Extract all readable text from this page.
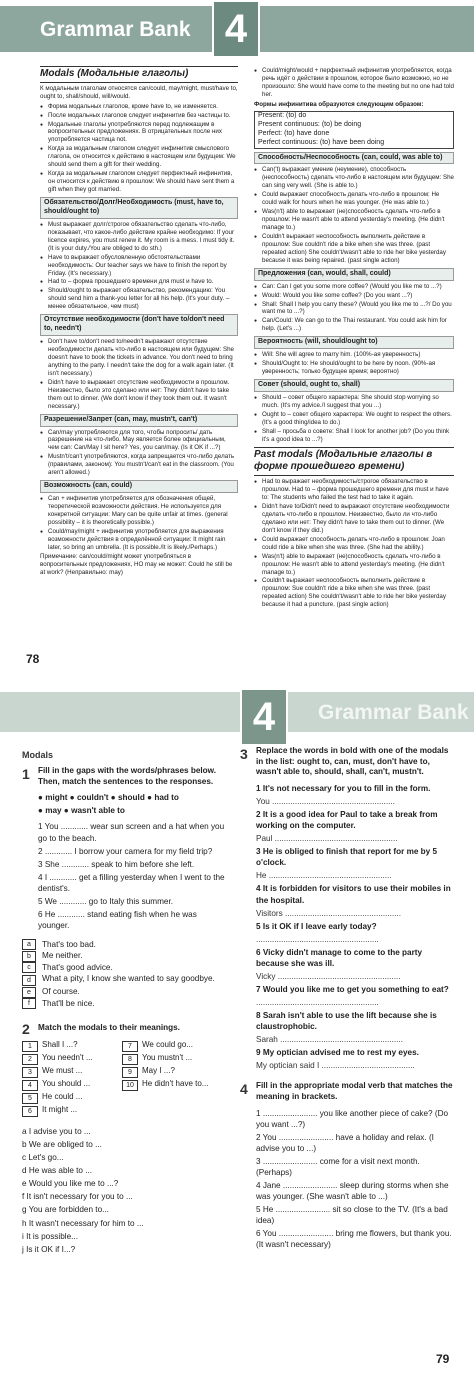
Grammar Bank 4
Modals (Модальные глаголы)
К модальным глаголам относятся can/could, may/might, must/have to, ought to, shall/should, will/would.
● Форма модальных глаголов, кроме have to, не изменяется.
● После модальных глаголов следует инфинитив без частицы to.
● Модальные глаголы употребляются перед подлежащим в вопросительных предложениях. В отрицательных после них употребляется частица not.
● Когда за модальным глаголом следует инфинитив смыслового глагола, он относится к действию в настоящем или будущем: We should send them a gift for their wedding.
● Когда за модальным глаголом следует перфектный инфинитив, он относится к действию в прошлом: We should have sent them a gift when they got married.
Обязательство/Долг/Необходимость (must, have to, should/ought to)
● Must выражает долг/строгое обязательство сделать что-либо, показывает, что какое-либо действие крайне необходимо: If your licence expires, you must renew it. My room is a mess. I must tidy it. (It is your duty./You are obliged to do sth.)
● Have to выражает обусловленную обстоятельствами необходимость: Our teacher says we have to finish the report by Friday. (It's necessary.)
● Had to – форма прошедшего времени для must и have to.
● Should/ought to выражает обязательство, рекомендацию: You should send him a thank-you letter for all his help. (It's your duty. – менее обязательное, чем must)
Отсутствие необходимости (don't have to/don't need to, needn't)
● Don't have to/don't need to/needn't выражают отсутствие необходимости делать что-либо в настоящем или будущем: She doesn't have to book the tickets in advance. You don't need to bring anything to the party. I needn't take the dog for a walk again later. (It isn't necessary.)
● Didn't have to выражает отсутствие необходимости в прошлом. Неизвестно, было это сделано или нет: They didn't have to take them out to dinner. (We don't know if they took them out. It wasn't necessary.)
Разрешение/Запрет (can, may, mustn't, can't)
● Can/may употребляются для того, чтобы попросить/ дать разрешение на что-либо. May является более официальным, чем can: Can/May I sit here? Yes, you can/may. (Is it OK if ...?)
● Mustn't/can't употребляются, когда запрещается что-либо делать (правилами, законом): You mustn't/can't eat in the classroom. (You aren't allowed.)
Возможность (can, could)
● Can + инфинитив употребляется для обозначения общей, теоретической возможности действия. Не используется для конкретной ситуации: Mary can be quite unfair at times. (general possibility – it is theoretically possible.)
● Could/may/might + инфинитив употребляется для выражения возможности действия в определённой ситуации: It might rain later, so bring an umbrella. (It is possible./It is likely./Perhaps.)
Примечание: can/could/might может употребляться в вопросительных предложениях, НО may не может: Could he still be at work? (Неправильно: may)
● Could/might/would + перфектный инфинитив употребляется, когда речь идёт о действии в прошлом, которое было возможно, но не произошло: She would have come to the meeting but no one had told her.
Формы инфинитива образуются следующим образом:
Present: (to) do
Present continuous: (to) be doing
Perfect: (to) have done
Perfect continuous: (to) have been doing
Способность/Неспособность (can, could, was able to)
● Can('t) выражает умение (неумение), способность (неспособность) сделать что-либо в настоящем или будущем: She can sing very well. (She is able to.)
● Could выражает способность делать что-либо в прошлом: He could walk for hours when he was younger. (He was able to.)
● Was(n't) able to выражает (не)способность сделать что-либо в прошлом: He wasn't able to attend yesterday's meeting. (He didn't manage to.)
● Couldn't выражает неспособность выполнить действие в прошлом: Sue couldn't ride a bike when she was three. (past repeated action) She couldn't/wasn't able to ride her bike yesterday because it was being repaired. (past single action)
Предложения (can, would, shall, could)
● Can: Can I get you some more coffee? (Would you like me to ...?)
● Would: Would you like some coffee? (Do you want ...?)
● Shall: Shall I help you carry these? (Would you like me to ...?/ Do you want me to ...?)
● Can/Could: We can go to the Thai restaurant. You could ask him for help. (Let's ...)
Вероятность (will, should/ought to)
● Will: She will agree to marry him. (100%-ая уверенность)
● Should/Ought to: He should/ought to be here by noon. (90%-ая уверенность; только будущее время; вероятно)
Совет (should, ought to, shall)
● Should – совет общего характера: She should stop worrying so much. (It's my advice./I suggest that you ...)
● Ought to – совет общего характера: We ought to respect the others. (It's a good thing/idea to do.)
● Shall – просьба о совете: Shall I look for another job? (Do you think it's a good idea to ...?)
Past modals (Модальные глаголы в форме прошедшего времени)
● Had to выражает необходимость/строгое обязательство в прошлом. Had to – форма прошедшего времени для must и have to: The students who failed the test had to take it again.
● Didn't have to/Didn't need to выражают отсутствие необходимости сделать что-либо в прошлом. Неизвестно, было ли что-либо сделано или нет: They didn't have to take them out to dinner. (We don't know if they did.)
● Could выражает способность делать что-либо в прошлом: Joan could ride a bike when she was three. (She had the ability.)
● Was(n't) able to выражает (не)способность сделать что-либо в прошлом: He wasn't able to attend yesterday's meeting. (He didn't manage to.)
● Couldn't выражает неспособность выполнить действие в прошлом: Sue couldn't ride a bike when she was three. (past repeated action) She couldn't/wasn't able to ride her bike yesterday because it had a puncture. (past single action)
78
Grammar Bank
4
Modals
1 Fill in the gaps with the words/phrases below. Then, match the sentences to the responses.
● might ● couldn't ● should ● had to
● may ● wasn't able to
1 You ............ wear sun screen and a hat when you go to the beach.
2 ............ I borrow your camera for my field trip?
3 She ............ speak to him before she left.
4 I ............ get a filling yesterday when I went to the dentist's.
5 We ............ go to Italy this summer.
6 He ............ stand eating fish when he was younger.
a That's too bad.
b Me neither.
c That's good advice.
d	What a pity, I know she wanted to say goodbye.
e Of course.
f That'll be nice.
2 Match the modals to their meanings.
1	Shall I ...?	7	We could go...
2	You needn't ...	8	You mustn't ...
3	We must ...	9	May I ...?
4	You should ...	10	He didn't have to...
5	He could ...
6	It might ...
a I advise you to ...
b We are obliged to ...
c Let's go...
d He was able to ...
e Would you like me to ...?
f It isn't necessary for you to ...
g You are forbidden to...
h It wasn't necessary for him to ...
i It is possible...
j Is it OK if I...?
3 Replace the words in bold with one of the modals in the list: ought to, can, must, don't have to, wasn't able to, should, shall, can't, mustn't.
1 It's not necessary for you to fill in the form.
You ......................................................
2 It is a good idea for Paul to take a break from working on the computer.
Paul ......................................................
3 He is obliged to finish that report for me by 5 o'clock.
He ......................................................
4 It is forbidden for visitors to use their mobiles in the hospital.
Visitors ...................................................
5 Is it OK if I leave early today?
......................................................
6 Vicky didn't manage to come to the party because she was ill.
Vicky ......................................................
7 Would you like me to get you something to eat?
......................................................
8 Sarah isn't able to use the lift because she is claustrophobic.
Sarah ......................................................
9 My optician advised me to rest my eyes.
My optician said I .........................................
4 Fill in the appropriate modal verb that matches the meaning in brackets.
1 ........................ you like another piece of cake? (Do you want ...?)
2 You ........................ have a holiday and relax. (I advise you to ...)
3 ........................ come for a visit next month. (Perhaps)
4 Jane ........................ sleep during storms when she was younger. (She wasn't able to ...)
5 He ........................ sit so close to the TV. (It's a bad idea)
6 You ........................ bring me flowers, but thank you. (It wasn't necessary)
79
